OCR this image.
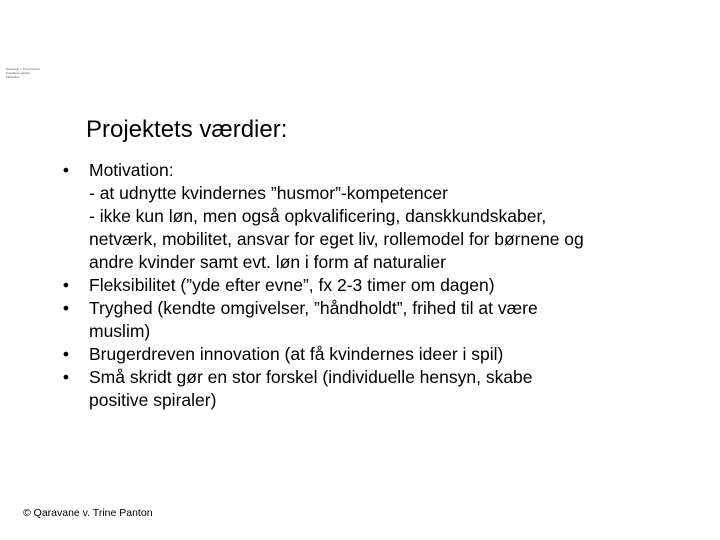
Qaravane v. Trine Panton
Projektets værdier
Motivation
Projektets værdier:
• Motivation:
- at udnytte kvindernes ”husmor”-kompetencer
- ikke kun løn, men også opkvalificering, danskkundskaber,
netværk, mobilitet, ansvar for eget liv, rollemodel for børnene og
andre kvinder samt evt. løn i form af naturalier
• Fleksibilitet (”yde efter evne”, fx 2-3 timer om dagen)
• Tryghed (kendte omgivelser, ”håndholdt”, frihed til at være
muslim)
• Brugerdreven innovation (at få kvindernes ideer i spil)
• Små skridt gør en stor forskel (individuelle hensyn, skabe
positive spiraler)
© Qaravane v. Trine Panton
